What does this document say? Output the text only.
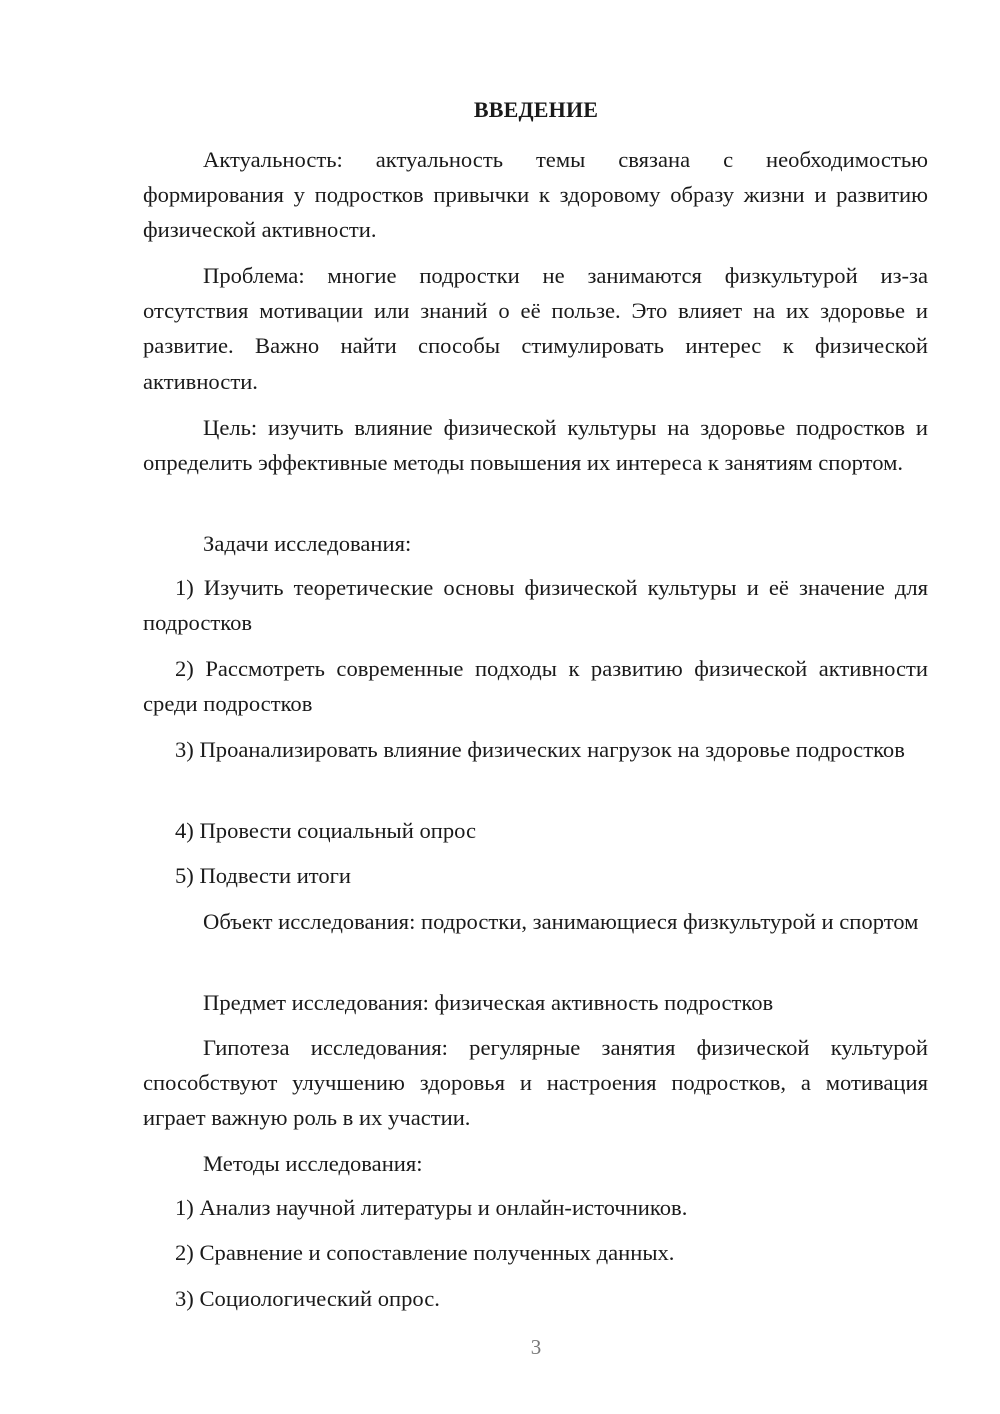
ВВЕДЕНИЕ

Актуальность: актуальность темы связана с необходимостью формирования у подростков привычки к здоровому образу жизни и развитию физической активности.

Проблема: многие подростки не занимаются физкультурой из-за отсутствия мотивации или знаний о её пользе. Это влияет на их здоровье и развитие. Важно найти способы стимулировать интерес к физической активности.

Цель: изучить влияние физической культуры на здоровье подростков и определить эффективные методы повышения их интереса к занятиям спортом.

Задачи исследования:

1) Изучить теоретические основы физической культуры и её значение для подростков

2) Рассмотреть современные подходы к развитию физической активности среди подростков

3) Проанализировать влияние физических нагрузок на здоровье подростков

4) Провести социальный опрос

5) Подвести итоги

Объект исследования: подростки, занимающиеся физкультурой и спортом

Предмет исследования: физическая активность подростков

Гипотеза исследования: регулярные занятия физической культурой способствуют улучшению здоровья и настроения подростков, а мотивация играет важную роль в их участии.

Методы исследования:

1) Анализ научной литературы и онлайн-источников.

2) Сравнение и сопоставление полученных данных.

3) Социологический опрос.

3
